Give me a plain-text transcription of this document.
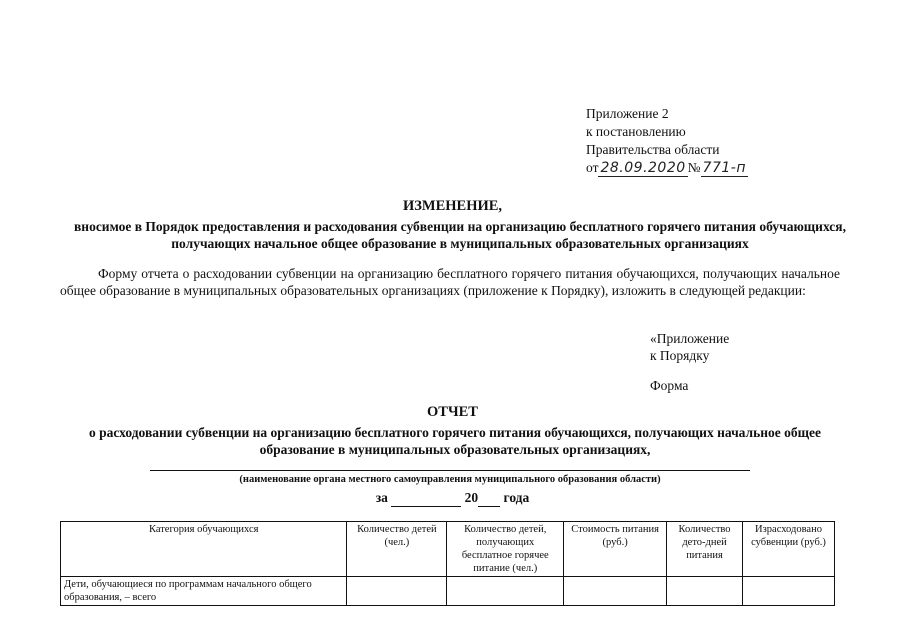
Приложение 2
к постановлению
Правительства области
от 28.09.2020 № 771-п
ИЗМЕНЕНИЕ,
вносимое в Порядок предоставления и расходования субвенции на организацию бесплатного горячего питания обучающихся, получающих начальное общее образование в муниципальных образовательных организациях
Форму отчета о расходовании субвенции на организацию бесплатного горячего питания обучающихся, получающих начальное общее образование в муниципальных образовательных организациях (приложение к Порядку), изложить в следующей редакции:
«Приложение
к Порядку
Форма
ОТЧЕТ
о расходовании субвенции на организацию бесплатного горячего питания обучающихся, получающих начальное общее образование в муниципальных образовательных организациях,
(наименование органа местного самоуправления муниципального образования области)
за	20 года
Категория обучающихся	Количество детей (чел.)	Количество детей, получающих бесплатное горячее питание (чел.)	Стоимость питания (руб.)	Количество дето-дней питания	Израсходовано субвенции (руб.)
Дети, обучающиеся по программам начального общего образования, – всего					
